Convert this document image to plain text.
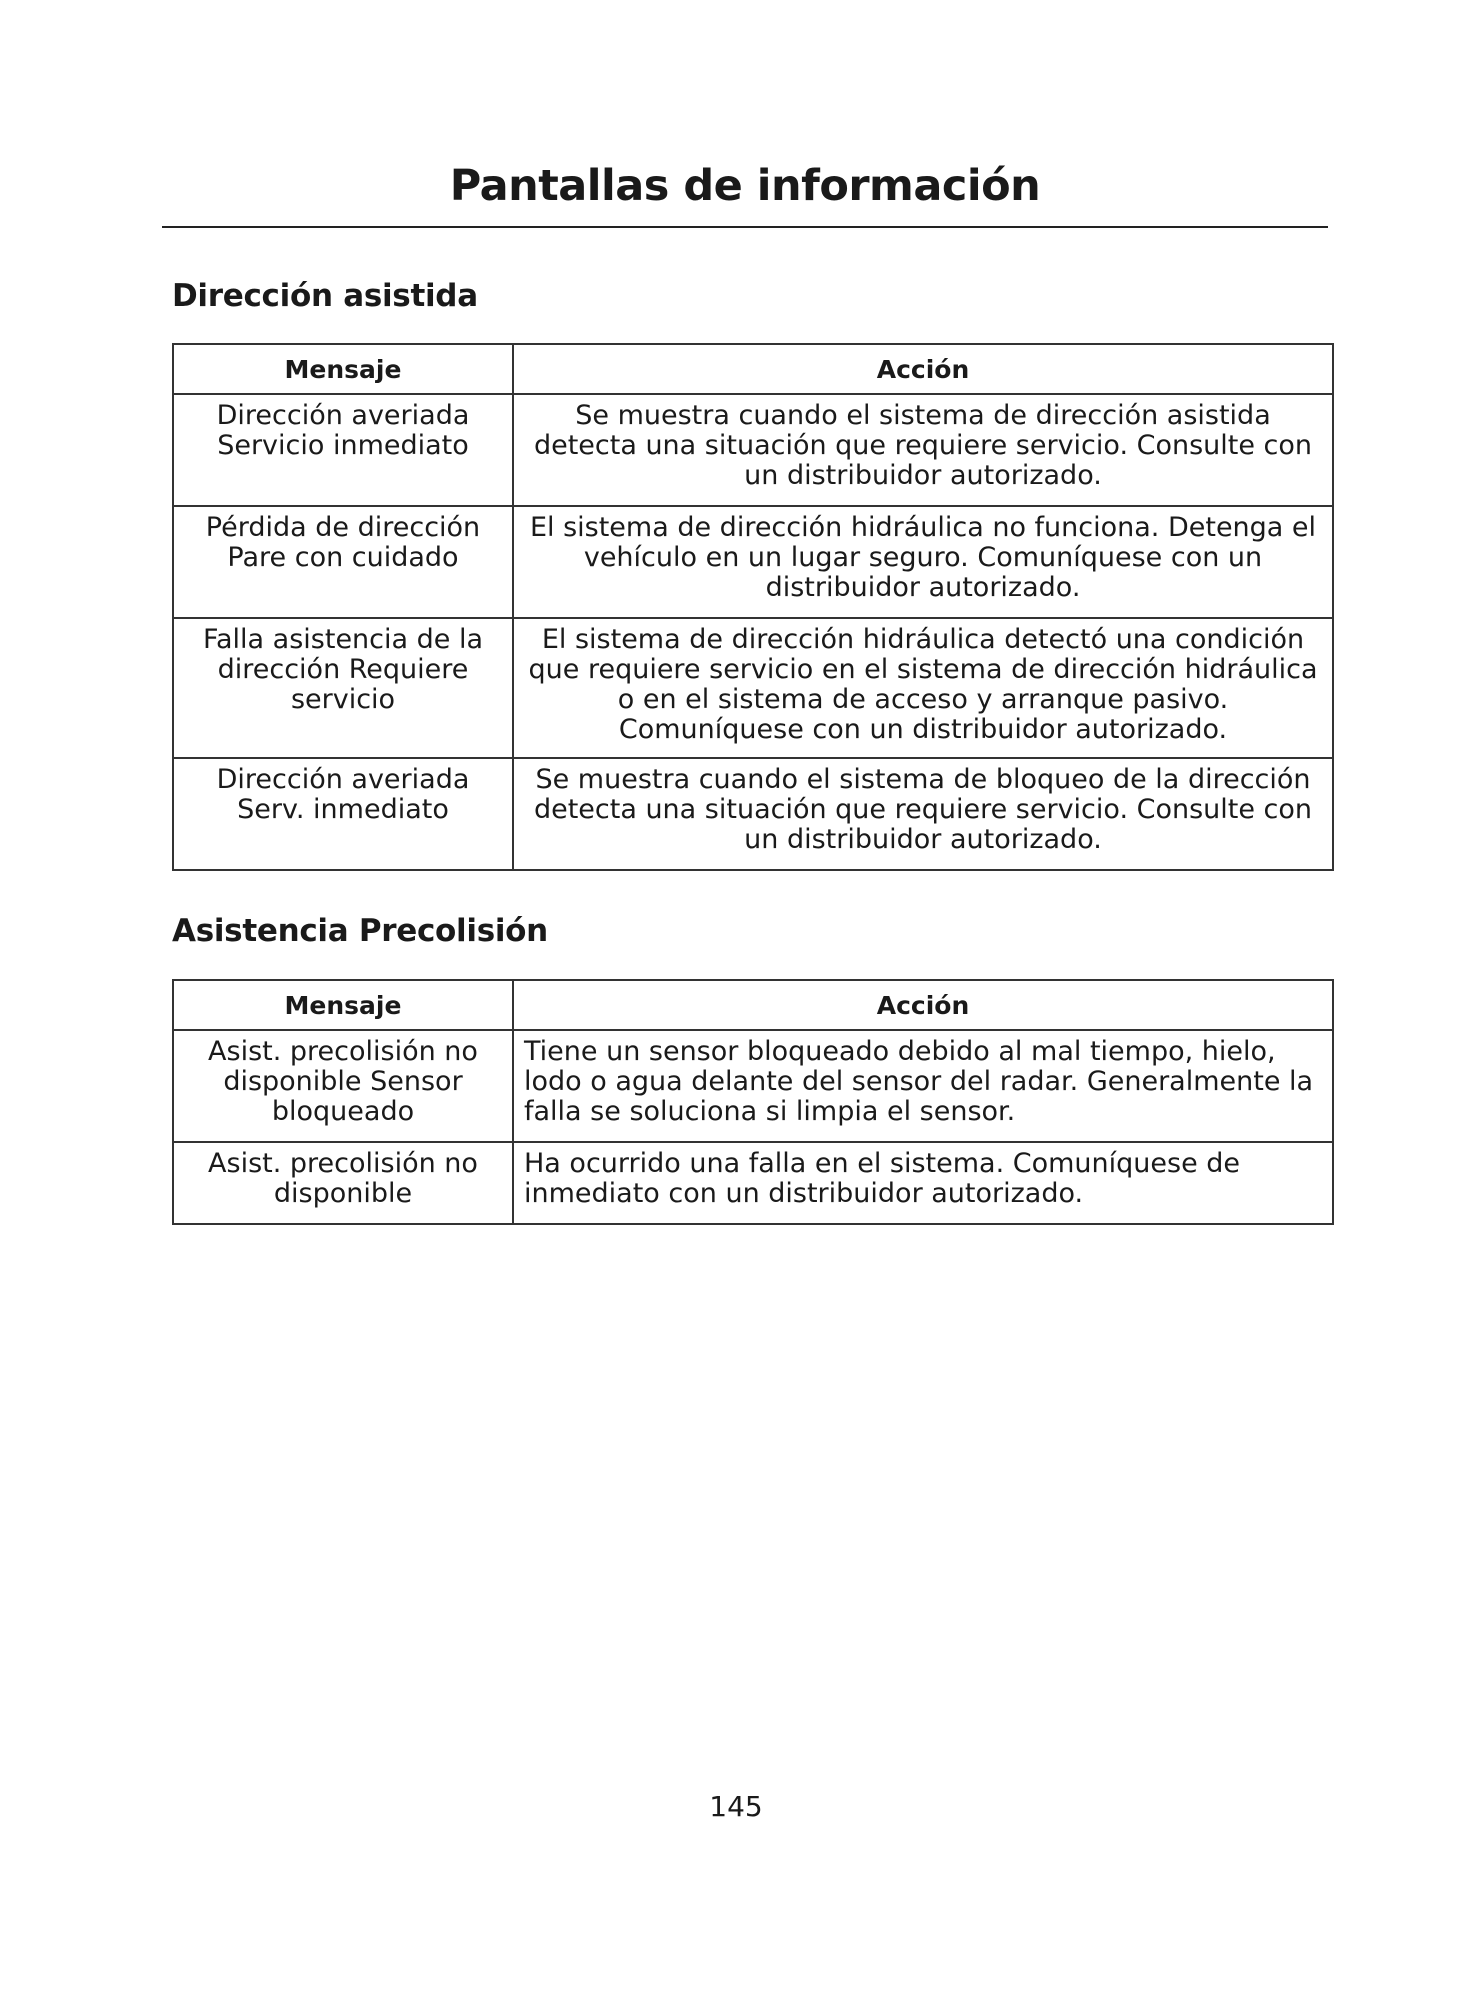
Pantallas de información
Dirección asistida
Mensaje	Acción
Dirección averiada Servicio inmediato	Se muestra cuando el sistema de dirección asistida detecta una situación que requiere servicio. Consulte con un distribuidor autorizado.
Pérdida de dirección Pare con cuidado	El sistema de dirección hidráulica no funciona. Detenga el vehículo en un lugar seguro. Comuníquese con un distribuidor autorizado.
Falla asistencia de la dirección Requiere servicio	El sistema de dirección hidráulica detectó una condición que requiere servicio en el sistema de dirección hidráulica o en el sistema de acceso y arranque pasivo. Comuníquese con un distribuidor autorizado.
Dirección averiada Serv. inmediato	Se muestra cuando el sistema de bloqueo de la dirección detecta una situación que requiere servicio. Consulte con un distribuidor autorizado.
Asistencia Precolisión
Mensaje	Acción
Asist. precolisión no disponible Sensor bloqueado	Tiene un sensor bloqueado debido al mal tiempo, hielo, lodo o agua delante del sensor del radar. Generalmente la falla se soluciona si limpia el sensor.
Asist. precolisión no disponible	Ha ocurrido una falla en el sistema. Comuníquese de inmediato con un distribuidor autorizado.
145
